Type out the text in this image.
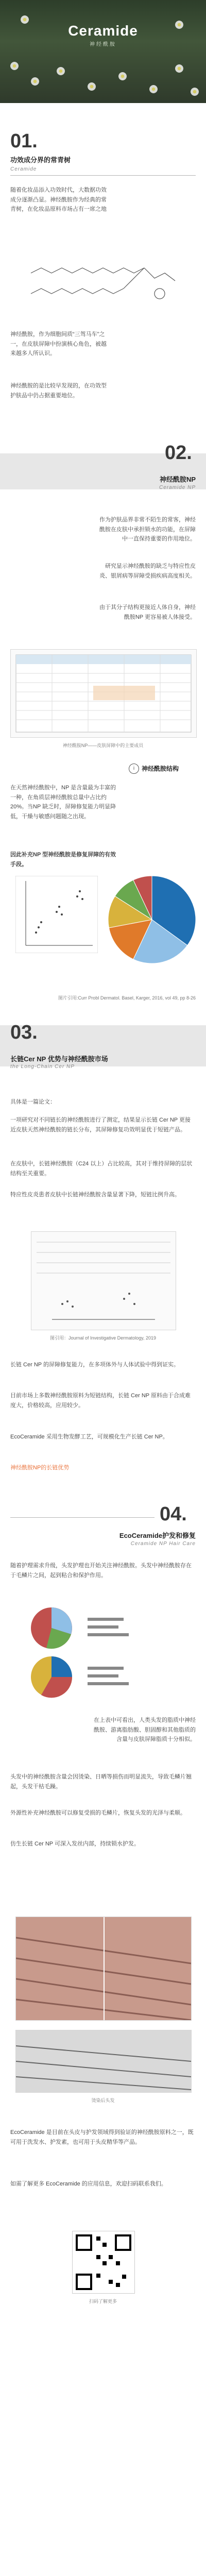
Ceramide
神经酰胺
01.
功效成分界的常青树
Ceramide
随着化妆品添入功效时代，大数据功效成分逐渐凸显。神经酰胺作为经典的常青树，在化妆品原料市场占有一席之地
神经酰胺，作为细胞间质“三驾马车”之一，在皮肤屏障中扮演核心角色，被越来越多人所认识。
神经酰胺的是比较早发现的，在功效型护肤品中仍占据重要地位。
02.
神经酰胺NP
Ceramide NP
作为护肤品界非常不陌生的常客，神经酰胺在皮肤中承担锁水的功能，在屏障中一直保持重要的作用地位。
研究显示神经酰胺的缺乏与特应性皮炎、银屑病等屏障受损疾病高度相关。
由于其分子结构更接近人体自身，神经酰胺NP 更容易被人体接受。
神经酰胺NP——皮肤屏障中的主要成员
i	神经酰胺结构
在天然神经酰胺中，NP 是含量最为丰富的一种，在角质层神经酰胺总量中占比约 20%。当NP 缺乏时，屏障修复能力明显降低，干燥与敏感问题随之出现。
因此补充NP 型神经酰胺是修复屏障的有效手段。
图片引用:Curr Probl Dermatol. Basel, Karger, 2016, vol 49, pp 8-26
03.
长链Cer NP 优势与神经酰胺市场
the Long-Chain Cer NP
具体是一篇论文：
一项研究对不同链长的神经酰胺进行了测定，结果显示长链 Cer NP 更接近皮肤天然神经酰胺的链长分布，其屏障修复功效明显优于短链产品。
在皮肤中，长链神经酰胺（C24 以上）占比较高，其对于维持屏障的层状结构至关重要。
特应性皮炎患者皮肤中长链神经酰胺含量显著下降，短链比例升高。
图引用：Journal of Investigative Dermatology, 2019
长链 Cer NP 的屏障修复能力，在多项体外与人体试验中得到证实。
目前市场上多数神经酰胺原料为短链结构，长链 Cer NP 原料由于合成难度大，价格较高，应用较少。
EcoCeramide 采用生物发酵工艺，可规模化生产长链 Cer NP。
神经酰胺NP的长链优势
04.
EcoCeramide护发和修复
Ceramide NP Hair Care
随着护理需求升级，头发护理也开始关注神经酰胺。头发中神经酰胺存在于毛鳞片之间，起到粘合和保护作用。
在上表中可看出，人类头发的脂质中神经酰胺、游离脂肪酸、胆固醇和其他脂质的含量与皮肤屏障脂质十分相似。
头发中的神经酰胺含量会因烫染、日晒等损伤而明显流失，导致毛鳞片翘起，头发干枯毛躁。
外源性补充神经酰胺可以修复受损的毛鳞片，恢复头发的光泽与柔顺。
仿生长链 Cer NP 可深入发丝内部，持续锁水护发。
烫染后头发
EcoCeramide 是目前在头皮与护发领域得到验证的神经酰胺原料之一，既可用于洗发水、护发素，也可用于头皮精华等产品。
如需了解更多 EcoCeramide 的应用信息，欢迎扫码联系我们。
扫码了解更多
